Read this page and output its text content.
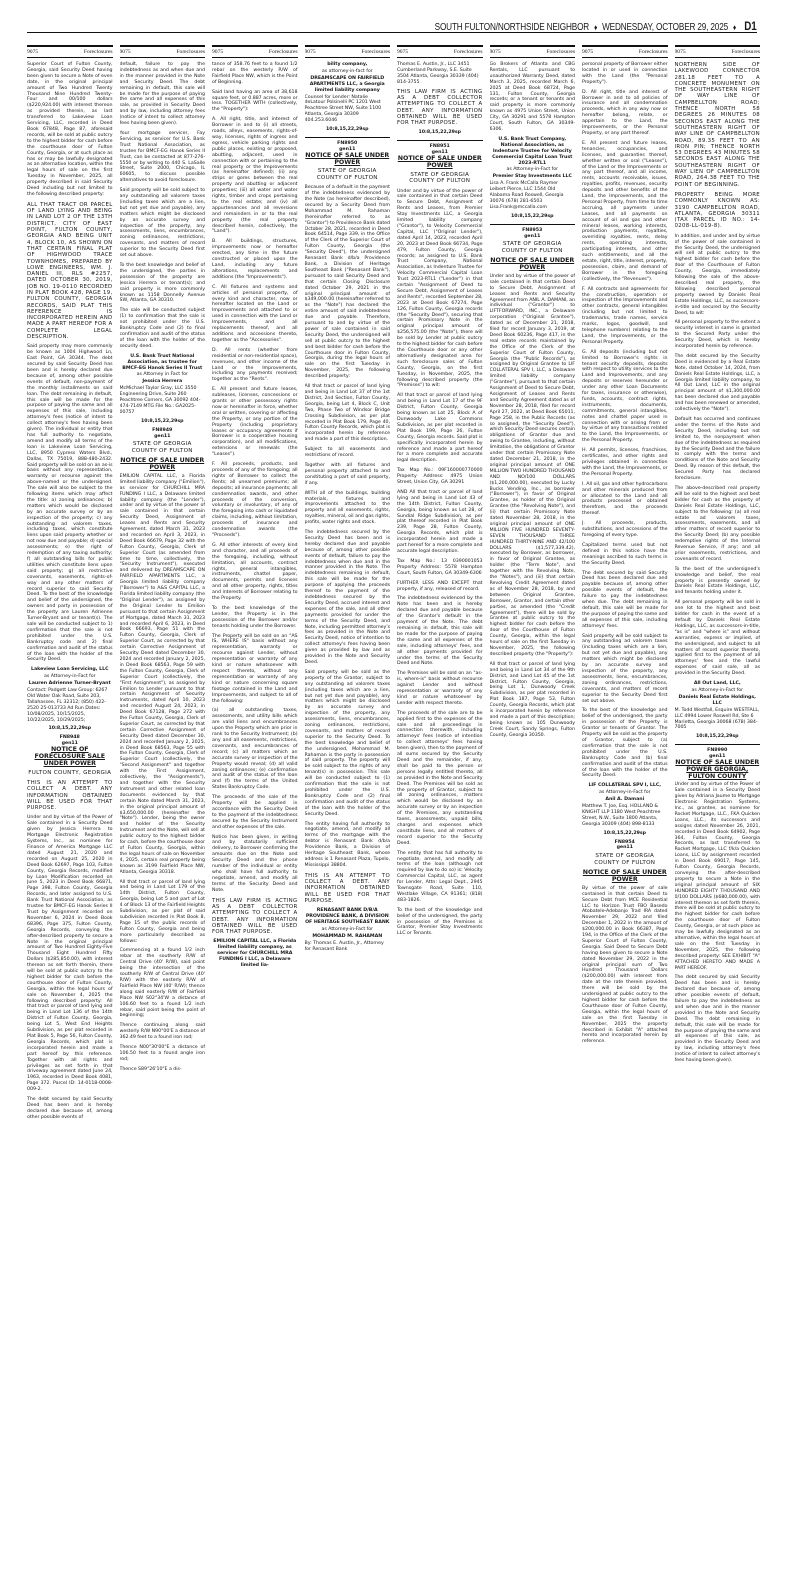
SOUTH FULTON/NORTHSIDE NEIGHBOR ♦ WEDNESDAY, OCTOBER 29, 2025 ♦ D1
9075	Foreclosures
Superior Court of Fulton County, Georgia, said Security Deed having been given to secure a Note of even date, in the original principal amount of Two Hundred Twenty Thousand Nine Hundred Twenty-Four and 00/100 dollars ($220,924.00) with interest thereon as provided therein, as last transferred to Lakeview Loan Servicing, LLC, recorded in Deed Book 67848, Page 87, aforesaid records, will be sold at public outcry to the highest bidder for cash before the courthouse door of Fulton County, Georgia, or at such place as has or may be lawfully designated as an alternative location, within the legal hours of sale on the first Tuesday in November, 2025, all property described in said Security Deed including but not limited to the following described property:
ALL THAT TRACT OR PARCEL OF LAND LYING AND BEING IN LAND LOT 2 OF THE 13TH DISTRICT, CITY OF EAST POINT, FULTON COUNTY, GEORGIA AND BEING UNIT 4, BLOCK 10, AS SHOWN ON THAT CERTAIN FINAL PLAT OF HIGHWOOD TRACE TOWNHOMES, PREPARED BY LOWE ENGINEERS, WM. J. DANIEL III, RLS #2257, DATED OCTOBER 30, 2019, JOB NO. 19-0110 RECORDED IN PLAT BOOK 428, PAGE 19, FULTON COUNTY, GEORGIA RECORDS, SAID PLAT THIS REFERENCE IS INCORPORATED HEREIN AND MADE A PART HEREOF FOR A COMPLETE LEGAL DESCRIPTION.
Said property may more commonly be known as 1004 Highwood Ln, East Point, GA 30344. The debt secured by said Security Deed has been and is hereby declared due because of, among other possible events of default, non-payment of the monthly installments on said loan. The debt remaining in default, this sale will be made for the purpose of paying the same and all expenses of this sale, including attorney's fees (notice of intent to collect attorney's fees having been given). The individual or entity that has full authority to negotiate, amend and modify all terms of the loan is Lakeview Loan Servicing, LLC, 8950 Cypress Waters Blvd., Dallas, TX 75019, 888-480-2432. Said property will be sold on an as-is basis without any representation, warranty or recourse against the above-named or the undersigned. The sale will also be subject to the following items which may affect the title: a) zoning ordinances; b) matters which would be disclosed by an accurate survey or by an inspection of the property; c) any outstanding ad valorem taxes, including taxes, which constitute liens upon said property whether or not now due and payable; d) special assessments; e) the right of redemption of any taxing authority; f) all outstanding bills for public utilities which constitute liens upon said property; g) all restrictive covenants, easements, rights-of-way and any other matters of record superior to said Security Deed. To the best of the knowledge and belief of the undersigned, the owners and party in possession of the property are Lauren Adrienne Turner-Bryant and or tenant(s). The sale will be conducted subject to 1) confirmation that the sale is not prohibited under the U.S. Bankruptcy code and 2) final confirmation and audit of the status of the loan with the holder of the Security Deed.
Lakeview Loan Servicing, LLC
as Attorney-in-Fact for
Lauren Adrienne Turner-Bryant
Contact: Padgett Law Group: 6267 Old Water Oak Road, Suite 203, Tallahassee, FL 32312; (850) 422-2520 25-013733 Ad Run Dates: 10/08/2025, 10/15/2025, 10/22/2025, 10/29/2025;
10:8,15,22,29sp
FN8948
gen11
NOTICE OF FORECLOSURE SALE UNDER POWER
FULTON COUNTY, GEORGIA
THIS IS AN ATTEMPT TO COLLECT A DEBT. ANY INFORMATION OBTAINED WILL BE USED FOR THAT PURPOSE.
Under and by virtue of the Power of Sale contained in a Security Deed given by Jessica Herrera to Mortgage Electronic Registration Systems, Inc., as nominee for Finance of America Mortgage LLC dated August 21, 2020 and recorded on August 25, 2020 in Deed Book 62697, Page 103, Fulton County, Georgia Records, modified by Loan Modification recorded on June 5, 2023 in Deed Book 66871, Page 398, Fulton County, Georgia Records, and later assigned to U.S. Bank Trust National Association, as trustee for BMCF-EG Hanok Series II Trust by Assignment recorded on November 6, 2024 in Deed Book 68396, Page 375, Fulton County, Georgia Records, conveying the after-described property to secure a Note in the original principal amount of Two Hundred Eighty-Five Thousand Eight Hundred Fifty Dollars ($285,850.00), with interest thereon as set forth therein, there will be sold at public outcry to the highest bidder for cash before the courthouse door of Fulton County, Georgia, within the legal hours of sale on November 4, 2025 the following described property: All that tract or parcel of land lying and being in Land Lot 136 of the 14th District of Fulton County, Georgia, being Lot 5, West End Heights Subdivision, as per plat recorded in Plat Book 5, Page 56, Fulton County, Georgia Records, which plat is incorporated herein and made a part hereof by this reference. Together with all rights and privileges as set forth in that driveway agreement dated June 24, 1963, recorded in Deed Book 4081, Page 372. Parcel ID: 14-0118-0008-009-2.
The debt secured by said Security Deed has been and is hereby declared due because of, among other possible events of
9075	Foreclosures
default, failure to pay the indebtedness as and when due and in the manner provided in the Note and Security Deed. The debt remaining in default, this sale will be made for the purpose of paying the same and all expenses of this sale, as provided in Security Deed and by law, including attorney fees (notice of intent to collect attorney fees having been given).
Your mortgage servicer, Fay Servicing, as servicer for U.S. Bank Trust National Association, as trustee for BMCF-EG Hanok Series II Trust, can be contacted at 877-276-5550 or by writing to 440 S. LaSalle Street, Suite 2000, Chicago, IL 60605, to discuss possible alternatives to avoid foreclosure.
Said property will be sold subject to any outstanding ad valorem taxes (including taxes which are a lien, but not yet due and payable), any matters which might be disclosed by an accurate survey and inspection of the property, any assessments, liens, encumbrances, zoning ordinances, restrictions, covenants, and matters of record superior to the Security Deed first set out above.
To the best knowledge and belief of the undersigned, the parties in possession of the property are Jessica Herrera or tenant(s); and said property is more commonly known as 1158 Donnelly Avenue SW, Atlanta, GA 30310.
The sale will be conducted subject (1) to confirmation that the sale is not prohibited under the U.S. Bankruptcy Code and (2) to final confirmation and audit of the status of the loan with the holder of the security deed.
U.S. Bank Trust National Association, as trustee for BMCF-EG Hanok Series II Trust
as Attorney in Fact for
Jessica Herrera
McMichael Taylor Gray, LLC 3550 Engineering Drive, Suite 260 Peachtree Corners, GA 30092 404-474-7149 MTG File No.: GA2025-00757
10:8,15,22,29sp
FN8949
gen11
STATE OF GEORGIA COUNTY OF FULTON
NOTICE OF SALE UNDER POWER
EMILION CAPITAL LLC, a Florida limited liability company ("Emilion"), as servicer for CHURCHILL MRA FUNDING I LLC, a Delaware limited liability company (the "Lender"), under and by virtue of the power of sale contained in that certain Security Deed, Assignment of Leases and Rents and Security Agreement, dated March 31, 2023 and recorded on April 3, 2023, in Deed Book 66679, Page 32 with the Fulton County, Georgia, Clerk of Superior Court (as amended from time to time, collectively, the "Security Instrument"), executed and delivered by DREAMSCAPE ON FAIRFIELD APARTMENTS LLC, a Georgia limited liability company ("Borrower") to A&S CAPITAL LLC, a Florida limited liability company (the "Original Lender"), as assigned by the Original Lender to Emilion pursuant to that certain Assignment of Mortgage, dated March 31, 2023 and recorded April 6, 2023, in Deed Book 66693, Page 51 with the Fulton County, Georgia, Clerk of Superior Court, as corrected by that certain Corrective Assignment of Security Deed dated December 30, 2024 and recorded January 2, 2025, in Deed Book 68563, Page 59 with the Fulton County, Georgia, Clerk of Superior Court (collectively, the "First Assignment"), as assigned by Emilion to Lender pursuant to that certain Assignment of Security Instruments, dated April 10, 2023 and recorded August 24, 2023, in Deed Book 67128, Page 272 with the Fulton County, Georgia, Clerk of Superior Court, as corrected by that certain Corrective Assignment of Security Deed dated December 30, 2024 and recorded January 2, 2025, in Deed Book 68563, Page 55 with the Fulton County, Georgia, Clerk of Superior Court (collectively, the "Second Assignment" and together with the First Assignment, collectively, the "Assignments"), and together with the Security Instrument and other related loan documents evidenced by that certain Note dated March 31, 2023, in the original principal amount of $3,650,000.00 (hereinafter the "Note"). Lender, being the owner and holder of the Security Instrument and the Note, will sell at public outcry to the highest bidder for cash, before the courthouse door of Fulton County, Georgia, within the legal hours of sale on November 4, 2025, certain real property being known as 3199 Fairfield Place NW, Atlanta, Georgia 30318.
All that tract or parcel of land lying and being in Land Lot 179 of the 14th District, Fulton County, Georgia, being Lot 5 and part of Lot 4 of Block 13 of the Fairfield Heights Subdivision, as per plat of said subdivision recorded in Plat Book 8, Page 15 of the public records of Fulton County, Georgia and being more particularly described as follows:
Commencing at a found 1/2 inch rebar at the southerly R/W of Central Drive (40' R/W), said point being the intersection of the southerly R/W of Central Drive (40' R/W) with the easterly R/W of Fairfield Place NW (40' R/W); thence along said easterly R/W of Fairfield Place NW S02°34'W a distance of 106.60 feet to a found 1/2 inch rebar, said point being the point of beginning;
Thence continuing along said westerly R/W N90°00'E a distance of 362.49 feet to a found iron rod;
Thence N00°30'00"E a distance of 106.50 feet to a found angle iron rod;
Thence S89°26'10"E a dis-
9075	Foreclosures
tance of 358.76 feet to a found 1/2 rebar on the westerly R/W of Fairfield Place NW, which is the Point of Beginning.
Said land having an area of 38,618 square feet, or 0.887 acres, more or less. TOGETHER WITH (collectively, the "Property"):
A. All right, title, and interest of Borrower in and to (i) all streets, roads, alleys, easements, rights-of-way, licenses, rights of ingress and egress, vehicle parking rights and public places, existing or proposed, abutting, adjacent, used in connection with or pertaining to the real property or the Improvements (as hereinafter defined); (ii) any strips or gores between the real property and abutting or adjacent properties; (iii) all water and water rights, timber and crops pertaining to the real estate; and (iv) all appurtenances and all reversions and remainders in or to the real property (the real property described herein, collectively, the "Land").
B. All buildings, structures, improvements now or hereafter erected, any time in the future constructed or placed upon the Land, including any future alterations, replacements and additions (the "Improvements").
C. All fixtures and systems and articles of personal property, of every kind and character, now or hereafter located on the Land or Improvements and attached to or used in connection with the Land or Improvements, and all replacements thereof, and all additions and accessions thereto, together as the "Accessories".
D. All rents (whether from residential or non-residential space), revenues, and other income of the Land or the Improvements, including any payments received; together as the "Rents".
E. All present and future leases, subleases, licenses, concessions or grants or other possessory rights now or hereinafter in force, whether oral or written, covering or affecting the Property, or any portion of the Property (including proprietary leases or occupancy agreements if Borrower is a cooperative housing corporation), and all modifications, extensions or renewals (the "Leases").
F. All proceeds, products, and proceeds of any of the foregoing; all rights of Borrower to collect the Rents; all unearned premiums; all deposits; all insurance payments; all condemnation awards, and other proceeds of the conversion, voluntary or involuntary, of any of the foregoing into cash or liquidated claims, including, without limitation, proceeds of insurance and condemnation awards (the "Proceeds").
G. All other interests of every kind and character, and all proceeds of the foregoing, including, without limitation, all accounts, contract rights, general intangibles, instruments, chattel paper, documents, permits and licenses and all other property, rights, titles and interests of Borrower relating to the Property.
To the best knowledge of the Lender, the Property is in the possession of the Borrower and/or tenants holding under the Borrower.
The Property will be sold on an "AS IS, WHERE IS" basis without any representation, warranty or recourse against Lender, without representation or warranty of any kind or nature whatsoever with respect thereto, without any representation or warranty of any kind or nature concerning square footage contained in the Land and Improvements, and subject to all of the following:
(a) all outstanding taxes, assessments, and utility bills which are valid liens and encumbrances upon the Property which are prior in rank to the Security Instrument; (b) any and all easements, restrictions, covenants, and encumbrances of record; (c) all matters which an accurate survey or inspection of the Property would reveal; (d) all valid zoning ordinances; (e) confirmation and audit of the status of the loan and (f) the terms of the United States Bankruptcy Code.
The proceeds of the sale of the Property will be applied in accordance with the Security Deed to the payment of the indebtedness secured by the Security Instrument and other expenses of the sale.
Notice has been given, in writing and by statutorily sufficient delivery, to Borrower confirming the amounts due on the Note and Security Deed and the phone number of the individual or entity who shall have full authority to negotiate, amend, and modify all terms of the Security Deed and Note.
THIS LAW FIRM IS ACTING AS A DEBT COLLECTOR ATTEMPTING TO COLLECT A DEBT. ANY INFORMATION OBTAINED WILL BE USED FOR THAT PURPOSE.
EMILION CAPITAL LLC, a Florida limited liability company, as servicer for CHURCHILL MRA FUNDING I LLC, a Delaware limited lia-
9075	Foreclosures
bility company,
as attorney-in-fact for
DREAMSCAPE ON FAIRFIELD APARTMENTS LLC, a Georgia limited liability company
Counsel for Lender: Natalie deLatour Polsinelli PC 1201 West Peachtree Street NW, Suite 1100 Atlanta, Georgia 30309 404.253.6046
10:8,15,22,29sp
FN8950
gen11
NOTICE OF SALE UNDER POWER
STATE OF GEORGIA COUNTY OF FULTON
Because of a default in the payment of the indebtedness evidenced by the Note (as hereinafter described), secured by a Security Deed from Mohammad M. Rahaman (hereinafter referred to as "Grantor") to Providence Bank dated October 28, 2021, recorded in Deed Book 64514, Page 339, in the Office of the Clerk of the Superior Court of Fulton County, Georgia (the "Security Deed"), the undersigned Renasant Bank d/b/a Providence Bank, a Division of Heritage Southeast Bank ("Renasant Bank"), pursuant to said Security Deed and that certain Closing Disclosure dated October 29, 2021 in the original principal amount of $349,000.00 (hereinafter referred to as the "Note") has declared the entire amount of said indebtedness due and payable. Therefore, pursuant to and by virtue of the power of sale contained in said Security Deed, the undersigned will sell at public outcry to the highest and best bidder for cash before the Courthouse door in Fulton County, Georgia, during the legal hours of sale on the first Tuesday in November, 2025, the following described property:
All that tract or parcel of land lying and being in Land Lot 37 of the 1st District, 2nd Section, Fulton County, Georgia, being Lot 4, Block C, Unit Two, Phase Two of Windsor Bridge Crossing Subdivision, as per plat recorded in Plat Book 179, Page 40, Fulton County Records, which plat is incorporated herein by reference and made a part of this description.
Subject to all easements and restrictions of record.
Together with all fixtures and personal property attached to and constituting a part of said property, if any.
WITH all of the buildings, building materials, fixtures and improvements attached to the property and all easements, rights, royalties, mineral, oil and gas rights, profits, water rights and stock.
The indebtedness secured by the Security Deed has been and is hereby declared due and payable because of, among other possible events of default, failure to pay the indebtedness when due and in the manner provided in the Note. The indebtedness remaining in default, this sale will be made for the purpose of applying the proceeds thereof to the payment of the indebtedness secured by the Security Deed, accrued interest and expenses of the sale, and all other payments provided for under the terms of the Security Deed, and Note, including permitted attorney's fees as provided in the Note and Security Deed, notice of intention to collect attorney's fees having been given as provided by law and as provided in the Note and Security Deed.
Said property will be sold as the property of the Grantor, subject to any outstanding ad valorem taxes (including taxes which are a lien, but not yet due and payable), any matters which might be disclosed by an accurate survey and inspection of the property, any assessments, liens, encumbrances, zoning ordinances, restrictions, covenants, and matters of record superior to the Security Deed. To the best knowledge and belief of the undersigned, Mohammad M. Rahaman is the party in possession of said property. The property will be sold subject to the rights of any tenant(s) in possession. This sale will be conducted subject to (1) confirmation that the sale is not prohibited under the U.S. Bankruptcy Code and (2) final confirmation and audit of the status of the loan with the holder of the Security Deed.
The entity having full authority to negotiate, amend, and modify all terms of the mortgage with the debtor is Renasant Bank d/b/a Providence Bank, a Division of Heritage Southeast Bank, whose address is 1 Renasant Plaza, Tupelo, Mississippi 38804.
THIS IS AN ATTEMPT TO COLLECT A DEBT. ANY INFORMATION OBTAINED WILL BE USED FOR THAT PURPOSE.
RENASANT BANK D/B/A PROVIDENCE BANK, A DIVISION OF HERITAGE SOUTHEAST BANK
as Attorney-in-Fact for
MOHAMMAD M. RAHAMAN
By: Thomas E. Austin, Jr., Attorney for Renasant Bank
9075	Foreclosures
Thomas E. Austin, Jr., LLC 3451 Cumberland Parkway, S.E. Suite 3504 Atlanta, Georgia 30339 (404) 814-3755
THIS LAW FIRM IS ACTING AS A DEBT COLLECTOR ATTEMPTING TO COLLECT A DEBT. ANY INFORMATION OBTAINED WILL BE USED FOR THAT PURPOSE.
10:8,15,22,29sp
FN8951
gen11
NOTICE OF SALE UNDER POWER
STATE OF GEORGIA COUNTY OF FULTON
Under and by virtue of the power of sale contained in that certain Deed to Secure Debt, Assignment of Rents and Leases, from Premier Stay Investments LLC, a Georgia limited liability company ("Grantor"), to Velocity Commercial Capital, LLC ("Original Lender"), dated April 14, 2023, recorded April 20, 2023 at Deed Book 66734, Page 479, Fulton County, Georgia records; as assigned to U.S. Bank Trust Company, National Association, as Indenture Trustee for Velocity Commercial Capital Loan Trust 2023-RTL1 ("Lender") in that certain "Assignment of Deed to Secure Debt, Assignment of Leases and Rents", recorded September 28, 2023 at Deed Book 67274, Page 126, Fulton County, Georgia records (the "Security Deed"), securing that certain Promissory Note in the original principal amount of $256,575.00 (the "Note"), there will be sold by Lender at public outcry to the highest bidder for cash before the Courthouse door or any other alternatively designated area for such foreclosure sales of Fulton County, Georgia, on the first Tuesday, in November, 2025, the following described property (the "Premises") to wit:
All that tract or parcel of land lying and being in Land Lot 17 of the 9F District, Fulton County, Georgia being known as Lot 25, Block A of Dunwoody Lake Commons Subdivision, as per plat recorded in Plat Book 199, Page 26, Fulton County, Georgia records. Said plat is specifically incorporated herein by reference and made a part hereof for a more complete and accurate legal description.
Tax Map No.: 09F160000770000 Property Address: 4975 Union Street, Union City, GA 30291
AND All that tract or parcel of land lying and being in Land Lot 43 of the 14th District, Fulton County, Georgia, being known as Lot 28, of Sundial Ridge Subdivision, as per plat thereof recorded in Plat Book 239, Page 28, Fulton County, Georgia Records, which plat is incorporated herein and made a part hereof for a more complete and accurate legal description.
Tax Map No.: 13 0390001053 Property Address: 5578 Hampton Court, South Fulton, GA 30349-6306
FURTHER LESS AND EXCEPT that property, if any, released of record.
The indebtedness evidenced by the Note has been and is hereby declared due and payable because of the Grantor's default in the payment of the Note. The debt remaining in default, this sale will be made for the purpose of paying the same and all expenses of the sale, including attorneys' fees, and all other payments provided for under the terms of the Security Deed and Note.
The Premises will be sold on an "as-is, where-is" basis without recourse against Lender and without representation or warranty of any kind or nature whatsoever by Lender with respect thereto.
The proceeds of the sale are to be applied first to the expenses of the sale and all proceedings in connection therewith, including attorneys' fees (notice of intention to collect attorneys' fees having been given), then to the payment of all sums secured by the Security Deed and the remainder, if any, shall be paid to the person or persons legally entitled thereto, all as provided in the Note and Security Deed. The Premises will be sold as the property of Grantor, subject to all zoning ordinances, matters which would be disclosed by an accurate survey or by an inspection of the Premises, any outstanding taxes, assessments, unpaid bills, charges and expenses which constitute liens, and all matters of record superior to the Security Deed.
The entity that has full authority to negotiate, amend, and modify all terms of the loan (although not required by law to do so) is: Velocity Commercial Capital, LLC, as agent for Lender, Attn: Legal Dept., 2945 Townsgate Road, Suite 110, Westlake Village, CA 91361; (818) 483-1826.
To the best of the knowledge and belief of the undersigned, the party in possession of the Premises is Grantor, Premier Stay Investments LLC or Tenants.
9075	Foreclosures
Go Brokers of Atlanta and CBG Rentals, LLC pursuant to unauthorized Warranty Deed, dated March 3, 2025, recorded March 6, 2025 at Deed Book 68724, Page 131, Fulton County, Georgia records; or a tenant or tenants and said property is more commonly known as 4975 Union Street, Union City, GA 30291 and 5578 Hampton Court, South Fulton, GA 30349-6306.
U.S. Bank Trust Company, National Association, as Indenture Trustee for Velocity Commercial Capital Loan Trust 2023-RTL1
as Attorney-in-Fact for
Premier Stay Investments LLC
Lisa A. Frank McCalla Raymer Leibert Pierce, LLC 1544 Old Alabama Road Roswell, Georgia 30076 (678) 281-6503 Lisa.Frank@mccalla.com
10:8,15,22,29sp
FN8953
gen11
STATE OF GEORGIA COUNTY OF FULTON
NOTICE OF SALE UNDER POWER
Under and by virtue of the power of sale contained in that certain Deed to Secure Debt, Assignment of Leases and Rents and Security Agreement from ANIL A. DAMANI, an individual ("Grantor") to LIFTFORWARD, INC., a Delaware corporation ("Original Grantee"), dated as of December 21, 2018, filed for record January 3, 2019, at Deed Book 60236, Page 417, in the real estate records maintained by the Office of the Clerk of the Superior Court of Fulton County, Georgia (the "Public Records"), as assigned by Original Grantee to LIF COLLATERAL SPV I, LLC, a Delaware limited liability company ("Grantee"), pursuant to that certain Assignment of Deed to Secure Debt, Assignment of Leases and Rents and Security Agreement dated as of November 28, 2018, filed for record April 27, 2022, at Deed Book 65011, Page 258, in the Public Records (as so assigned, the "Security Deed"), which Security Deed secures certain obligations of Grantor due and owing to Grantee, including, without limitation, the obligations of Grantor under that certain Promissory Note dated December 21, 2018, in the original principal amount of ONE MILLION TWO HUNDRED THOUSAND AND NO/100 DOLLARS ($1,200,000.00), executed by Lucky Bucks Vending, Inc., as borrower ("Borrower"), in favor of Original Grantee, as holder of the Original Grantee (the "Revolving Note"), and (ii) that certain Promissory Note dated November 28, 2018, in the original principal amount of ONE MILLION FIVE HUNDRED SEVENTY-SEVEN THOUSAND THREE HUNDRED THIRTY-NINE AND 42/100 DOLLARS ($1,577,339.42), executed by Borrower, as borrower, in favor of Original Grantee, as holder (the "Term Note", and together with the Revolving Note, the "Notes"), and (iii) that certain Revolving Credit Agreement dated as of November 28, 2018, by and between Original Grantee, Borrower, Grantor, and certain other parties, as amended (the "Credit Agreement"), there will be sold by Grantee at public outcry to the highest bidder for cash before the door of the Courthouse of Fulton County, Georgia, within the legal hours of sale on the first Tuesday in November, 2025, the following described property (the "Property"):
All that tract or parcel of land lying and being in Land Lot 34 of the 9th District, and Land Lot 45 of the 1st District, Fulton County, Georgia, being Lot 1, Dunwoody Creek Subdivision, as per plat recorded in Plat Book 187, Page 53, Fulton County, Georgia Records, which plat is incorporated herein by reference and made a part of this description; being known as 105 Dunwoody Creek Court, Sandy Springs, Fulton County, Georgia 30350.
9075	Foreclosures
personal property of Borrower either located in or used in connection with the Land (the "Personal Property").
D. All right, title and interest of Borrower in and to all policies of insurance and all condemnation proceeds, which in any way now or hereafter belong, relate, or appertain to the Land, the Improvements, or the Personal Property, or any part thereof.
E. All present and future leases, tenancies, occupancies, and licenses, and guaranties thereof, whether written or oral ("Leases"), of the Land or the Improvements or any part thereof, and all income, rents, accounts receivable, issues, royalties, profits, revenues, security deposits and other benefits of the Land, the Improvements, and the Personal Property, from time to time accruing, all payments under Leases, and all payments on account of oil and gas and other mineral leases, working interests, production payments, royalties, overriding royalties, rents, delay rents, operating interests, participating interests, and other such entitlements, and all the estate, right, title, interest, property, possession, claim, and demand of Borrower in the foregoing (collectively, the "Revenues").
F. All contracts and agreements for the construction, operation or inspection of the Improvements and other contracts, general intangibles (including but not limited to trademarks, trade names, service marks, logos, goodwill, and telephone numbers) relating to the Land, the Improvements, or the Personal Property.
G. All deposits (including but not limited to Borrower's rights in tenant security deposits, deposits with respect to utility services to the Land and Improvements, and any deposits or reserves hereunder or under any other Loan Documents for taxes, insurance or otherwise), funds, accounts, contract rights, instruments, documents, commitments, general intangibles, notes and chattel paper used in connection with or arising from or by virtue of any transactions related to the Land, the Improvements, or the Personal Property.
H. All permits, licenses, franchises, certificates, and other rights and privileges obtained in connection with the Land, the Improvements, or the Personal Property.
I. All oil, gas and other hydrocarbons and other minerals produced from or allocated to the Land and all products processed or obtained therefrom, and the proceeds thereof.
J. All proceeds, products, substitutions, and accessions of the foregoing of every type.
Capitalized terms used but not defined in this notice have the meanings ascribed to such terms in the Security Deed.
The debt secured by said Security Deed has been declared due and payable because of, among other possible events of default, the failure to pay the indebtedness when due. The debt remaining in default, this sale will be made for the purpose of paying the same and all expenses of this sale, including attorneys' fees.
Said property will be sold subject to any outstanding ad valorem taxes (including taxes which are a lien, but not yet due and payable), any matters which might be disclosed by an accurate survey and inspection of the property, any assessments, liens, encumbrances, zoning ordinances, restrictions, covenants, and matters of record superior to the Security Deed first set out above.
To the best of the knowledge and belief of the undersigned, the party in possession of the Property is Grantor or tenants of Grantor. The Property will be sold as the property of Grantor, subject to (a) confirmation that the sale is not prohibited under the U.S. Bankruptcy Code and (b) final confirmation and audit of the status of the loan with the holder of the Security Deed.
LIF COLLATERAL SPV I, LLC,
as Attorney-in-Fact for
Anil A. Damani
Matthew T. Joe, Esq. HOLLAND & KNIGHT LLP 1180 West Peachtree Street, N.W., Suite 1800 Atlanta, Georgia 30309 (404) 898-8133
10:8,15,22,29sp
FN8954
gen11
STATE OF GEORGIA COUNTY OF FULTON
NOTICE OF SALE UNDER POWER
By virtue of the power of sale contained in that certain Deed to Secure Debt from MCE Residential LLC to Horizon Trust FBO Basedo Atobatele-Adebanjo Trad IRA dated November 29, 2022 and filed December 1, 2022 in the amount of $200,000.00 in Book 66387, Page 194, in the Office of the Clerk of the Superior Court of Fulton County, Georgia. Said Deed to Secure Debt having been given to secure a Note dated November 29, 2022 in the original principal sum of Two Hundred Thousand Dollars ($200,000.00) with interest from date at the rate therein provided, there will be sold by the undersigned at public outcry to the highest bidder for cash before the Courthouse door of Fulton County, Georgia, within the legal hours of sale on the first Tuesday in November, 2025 the property described in Exhibit "A" attached hereto and incorporated herein by reference.
9075	Foreclosures
NORTHERN SIDE OF LAKEWOOD CONNECTOR 281.18 FEET TO A CONCRETE MONUMENT ON THE SOUTHEASTERN RIGHT OF WAY LINE OF CAMPBELLTON ROAD; THENCE NORTH 58 DEGREES 26 MINUTES 08 SECONDS EAST ALONG THE SOUTHEASTERN RIGHT OF WAY LINE OF CAMPBELLTON ROAD, 89.35 FEET TO AN IRON PIN; THENCE NORTH 53 DEGREES 43 MINUTES 58 SECONDS EAST ALONG THE SOUTHEASTERN RIGHT OF WAY LIEN OF CAMPBELLTON ROAD, 264.38 FEET TO THE POINT OF BEGINNING.
PROPERTY BEING MORE COMMONLY KNOWN AS: 3190 CAMPBELLTON ROAD, ATLANTA, GEORGIA 30311 (TAX PARCEL ID NO.: 14-0208-LL-019-8).
In addition, and under and by virtue of the power of sale contained in the Security Deed, the undersigned will sell at public outcry to the highest bidder for cash before the door of the Courthouse of Fulton County, Georgia, immediately following the sale of the above-described real property, the following described personal property owned by Daniels Real Estate Holdings, LLC, as successors-in-title and secured by the Security Deed, to wit:
All personal property to the extent a security interest in same is granted to the Secured Party under the Security Deed, which is hereby incorporated herein by reference.
The debt secured by the Security Deed is evidenced by a Real Estate Note, dated October 14, 2024, from Daniels Real Estate Holdings, LLC, a Georgia limited liability company, to All Out Land, LLC in the original principal amount of $1,300,000.00 has been declared due and payable and has been renewed or amended, collectively the "Note").
Default has occurred and continues under the terms of the Note and Security Deed, including but not limited to, the nonpayment when due of the indebtedness as required by the Security Deed and the failure to comply with the terms and conditions of the Note and Security Deed. By reason of this default, the Secured Party has declared foreclosure.
The above-described real property will be sold to the highest and best bidder for cash as the property of Daniels Real Estate Holdings, LLC, subject to the following: (a) all real estate ad valorem taxes, assessments, easements, and all other matters of record superior to the Security Deed; (b) any possible redemptive rights of the Internal Revenue Service, if any; and all prior easements, restrictions, and covenants of record.
To the best of the undersigned's knowledge and belief, the real property is presently owned by Daniels Real Estate Holdings, LLC, and tenants holding under it.
All personal property will be sold in one lot to the highest and best bidder for cash in the event of a default by Daniels Real Estate Holdings, LLC, as successors-in-title, "as is" and "where is" and without warranties, express or implied, of the undersigned, and subject to all matters of record superior thereto, applied first to the payment of all attorneys' fees and the lawful expenses of said sale, all as provided in the Security Deed.
All Out Land, LLC,
as Attorney-in-Fact for
Daniels Real Estate Holdings, LLC
M. Todd Westfall, Esquire WESTFALL, LLC 4994 Lower Roswell Rd, Ste 6 Marietta, Georgia 30068 (678) 384-7005
10:8,15,22,29sp
FN8990
gen11
NOTICE OF SALE UNDER POWER GEORGIA, FULTON COUNTY
Under and by virtue of the Power of Sale contained in a Security Deed given by Adriana Jaume to Mortgage Electronic Registration Systems, Inc., as grantee, as nominee for Rocket Mortgage, LLC., FKA Quicken Loans, LLC., its successors and assigns dated November 26, 2021, recorded in Deed Book 64902, Page 364, Fulton County, Georgia Records, as last transferred to Rocket Mortgage, LLC f/k/a Quicken Loans, LLC by assignment recorded in Deed Book 69017, Page 145, Fulton County, Georgia Records, conveying the after-described property to secure a Note in the original principal amount of SIX HUNDRED EIGHTY THOUSAND AND 0/100 DOLLARS ($680,000.00), with interest thereon as set forth therein, there will be sold at public outcry to the highest bidder for cash before the courthouse door of Fulton County, Georgia, or at such place as may be lawfully designated as an alternative, within the legal hours of sale on the first Tuesday in November, 2025, the following described property: SEE EXHIBIT "A" ATTACHED HERETO AND MADE A PART HEREOF.
The debt secured by said Security Deed has been and is hereby declared due because of, among other possible events of default, failure to pay the indebtedness as and when due and in the manner provided in the Note and Security Deed. The debt remaining in default, this sale will be made for the purpose of paying the same and all expenses of this sale, as provided in the Security Deed and by law, including attorney's fees (notice of intent to collect attorney's fees having been given).
